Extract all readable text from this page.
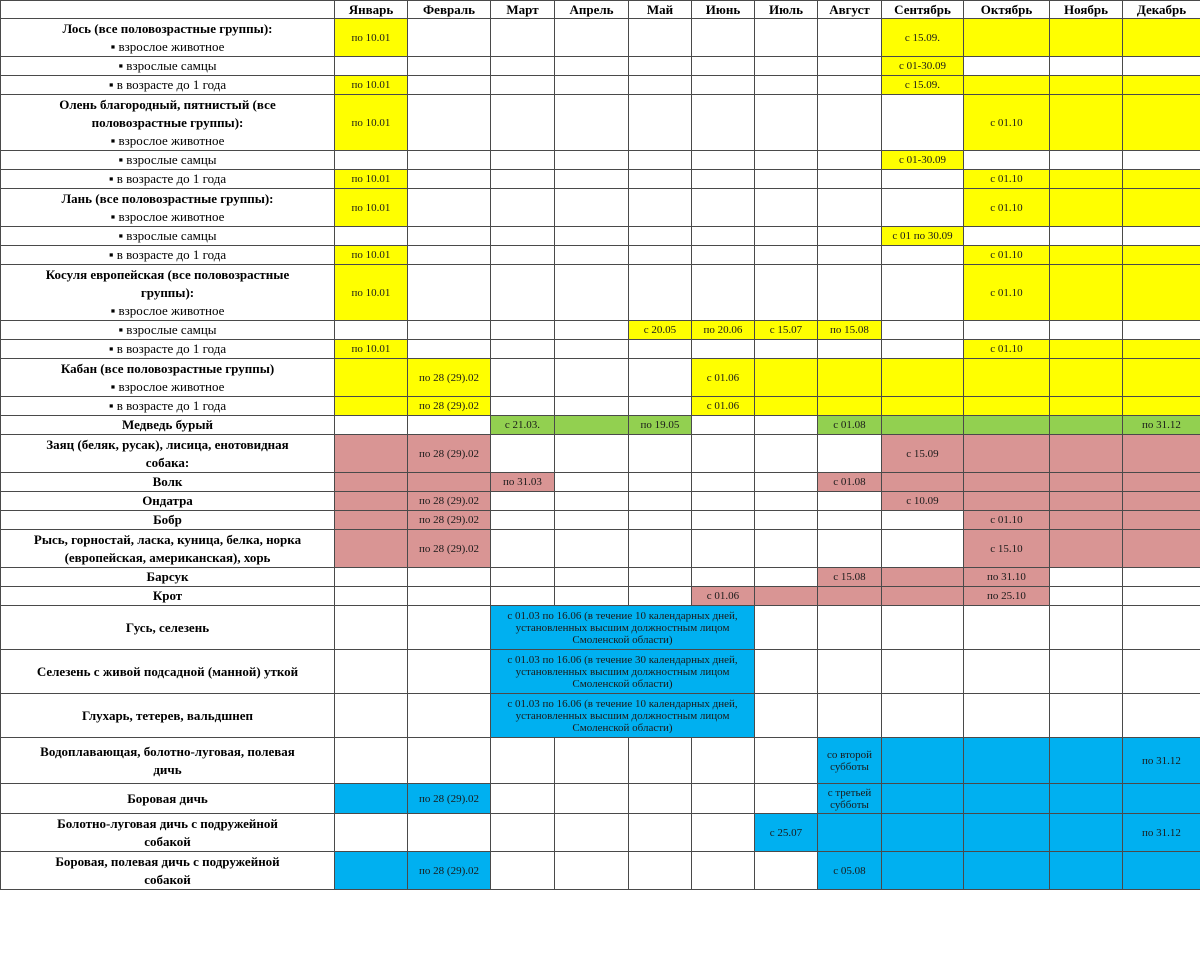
	Январь	Февраль	Март	Апрель	Май	Июнь	Июль	Август	Сентябрь	Октябрь	Ноябрь	Декабрь

Лось (все половозрастные группы):
▪ взрослое животное	по 10.01								с 15.09.			

▪ взрослые самцы									с 01-30.09			

▪ в возрасте до 1 года	по 10.01								с 15.09.			

Олень благородный, пятнистый (все
половозрастные группы):
▪ взрослое животное	по 10.01									с 01.10		

▪ взрослые самцы									с 01-30.09			

▪ в возрасте до 1 года	по 10.01									с 01.10		

Лань (все половозрастные группы):
▪ взрослое животное	по 10.01									с 01.10		

▪ взрослые самцы									с 01 по 30.09			

▪ в возрасте до 1 года	по 10.01									с 01.10		

Косуля европейская (все половозрастные
группы):
▪ взрослое животное	по 10.01									с 01.10		

▪ взрослые самцы					с 20.05	по 20.06	с 15.07	по 15.08				

▪ в возрасте до 1 года	по 10.01									с 01.10		

Кабан (все половозрастные группы)
▪ взрослое животное		по 28 (29).02				с 01.06						

▪ в возрасте до 1 года		по 28 (29).02				с 01.06						

Медведь бурый			с 21.03.		по 19.05			с 01.08				по 31.12

Заяц (беляк, русак), лисица, енотовидная
собака:		по 28 (29).02							с 15.09			

Волк			по 31.03					с 01.08				

Ондатра		по 28 (29).02							с 10.09			

Бобр		по 28 (29).02								с 01.10		

Рысь, горностай, ласка, куница, белка, норка
(европейская, американская), хорь		по 28 (29).02								с 15.10		

Барсук								с 15.08		по 31.10		

Крот						с 01.06				по 25.10		

Гусь, селезень			с 01.03 по 16.06 (в течение 10 календарных дней, установленных высшим должностным лицом Смоленской области)									

Селезень с живой подсадной (манной) уткой			с 01.03 по 16.06 (в течение 30 календарных дней, установленных высшим должностным лицом Смоленской области)									

Глухарь, тетерев, вальдшнеп			с 01.03 по 16.06 (в течение 10 календарных дней, установленных высшим должностным лицом Смоленской области)									

Водоплавающая, болотно-луговая, полевая
дичь								со второй субботы				по 31.12

Боровая дичь		по 28 (29).02						с третьей субботы				

Болотно-луговая дичь с подружейной
собакой							с 25.07					по 31.12

Боровая, полевая дичь с подружейной
собакой		по 28 (29).02						с 05.08				
